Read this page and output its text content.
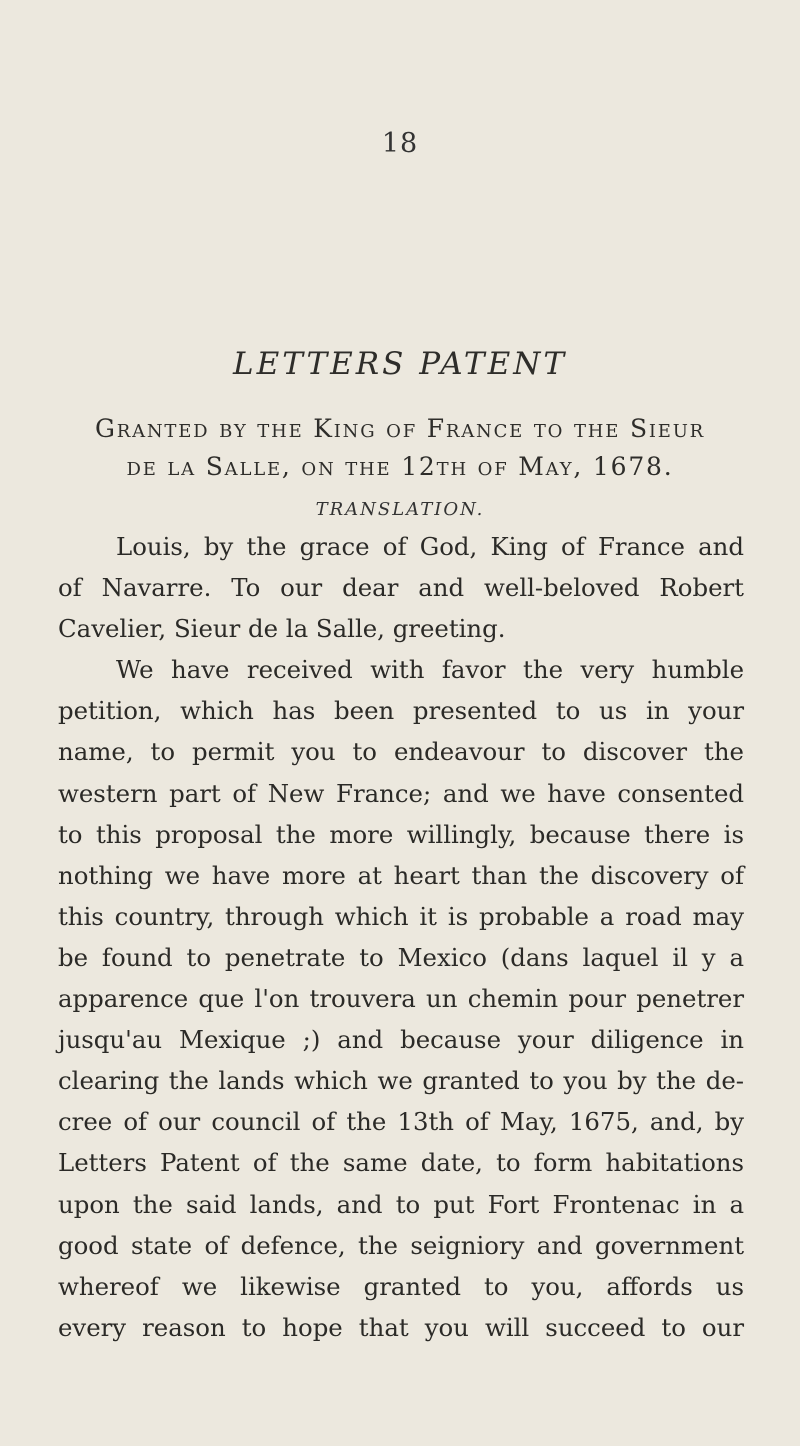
18
LETTERS PATENT
Granted by the King of France to the Sieur
de la Salle, on the 12th of May, 1678.
TRANSLATION.
Louis, by the grace of God, King of France and
of Navarre. To our dear and well-beloved Robert
Cavelier, Sieur de la Salle, greeting.
We have received with favor the very humble
petition, which has been presented to us in your
name, to permit you to endeavour to discover the
western part of New France; and we have consented
to this proposal the more willingly, because there is
nothing we have more at heart than the discovery of
this country, through which it is probable a road may
be found to penetrate to Mexico (dans laquel il y a
apparence que l'on trouvera un chemin pour penetrer
jusqu'au Mexique ;) and because your diligence in
clearing the lands which we granted to you by the de-
cree of our council of the 13th of May, 1675, and, by
Letters Patent of the same date, to form habitations
upon the said lands, and to put Fort Frontenac in a
good state of defence, the seigniory and government
whereof we likewise granted to you, affords us
every reason to hope that you will succeed to our
